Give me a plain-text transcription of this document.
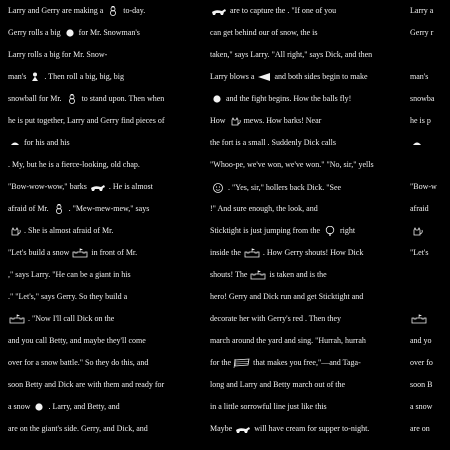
Larry and Gerry are making a
to-day.
Gerry rolls a big
for Mr. Snowman's
Larry rolls a big for Mr. Snow-
man's
. Then roll a big, big, big
snowball for Mr.
to stand upon. Then when
he is put together, Larry and Gerry find pieces of
for his and his
. My, but he is a fierce-looking, old chap.
"Bow-wow-wow," barks
. He is almost
afraid of Mr.
. "Mew-mew-mew," says
. She is almost afraid of Mr.
"Let's build a snow
in front of Mr.
," says Larry. "He can be a giant in his
." "Let's," says Gerry. So they build a
. "Now I'll call Dick on the
and you call Betty, and maybe they'll come
over for a snow battle." So they do this, and
soon Betty and Dick are with them and ready for
a snow
. Larry, and Betty, and
are on the giant's side. Gerry, and Dick, and
are to capture the . "If one of you
can get behind our of snow, the is
taken," says Larry. "All right," says Dick, and then
Larry blows a
and both sides begin to make
and the fight begins. How the balls fly!
How
mews. How barks! Near
the fort is a small . Suddenly Dick calls
"Whoo-pe, we've won, we've won." "No, sir," yells
. "Yes, sir," hollers back Dick. "See
!" And sure enough, the look, and
Sticktight is just jumping from the
right
inside the
. How Gerry shouts! How Dick
shouts! The
is taken and is the
hero! Gerry and Dick run and get Sticktight and
decorate her with Gerry's red . Then they
march around the yard and sing. "Hurrah, hurrah
for the
that makes you free,"—and Taga-
long and Larry and Betty march out of the
in a little sorrowful line just like this
Maybe
will have cream for supper to-night.
Larry a
Gerry r
man's
snowba
he is p
"Bow-w
afraid
"Let's
and yo
over fo
soon B
a snow
are on
